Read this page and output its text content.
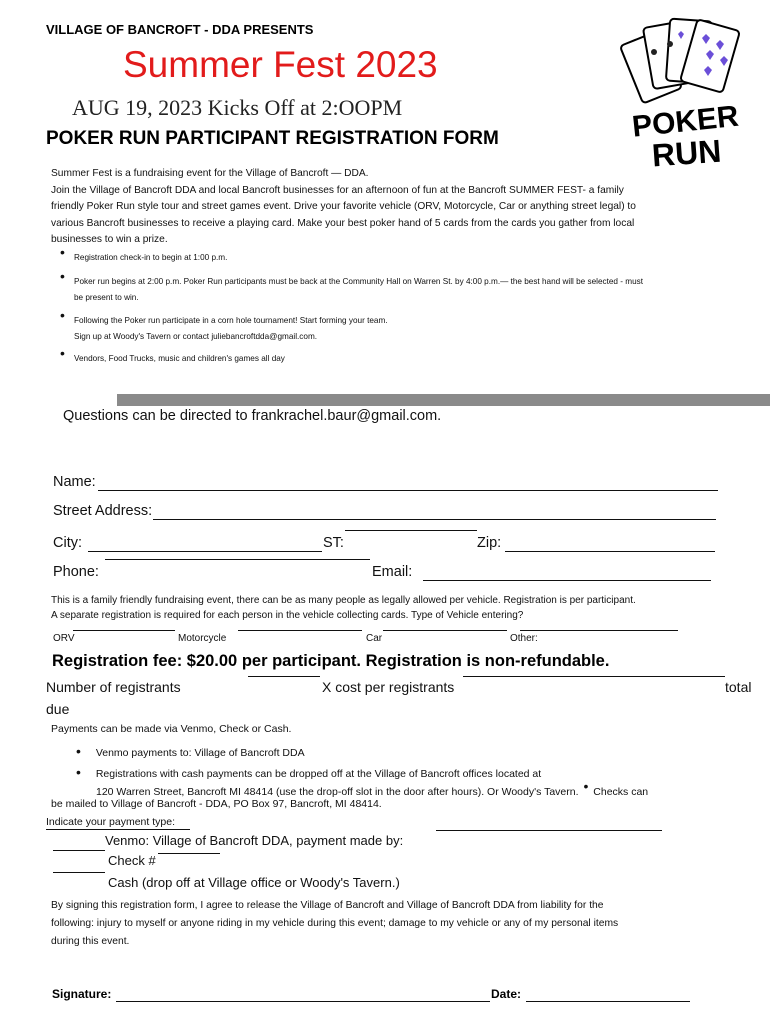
VILLAGE OF BANCROFT - DDA PRESENTS
Summer Fest 2023
AUG 19, 2023 Kicks Off at 2:OOPM
POKER RUN PARTICIPANT REGISTRATION FORM	POKER
RUN
Summer Fest is a fundraising event for the Village of Bancroft — DDA.
Join the Village of Bancroft DDA and local Bancroft businesses for an afternoon of fun at the Bancroft SUMMER FEST- a family
friendly Poker Run style tour and street games event. Drive your favorite vehicle (ORV, Motorcycle, Car or anything street legal) to
various Bancroft businesses to receive a playing card. Make your best poker hand of 5 cards from the cards you gather from local
businesses to win a prize.
•	Registration check-in to begin at 1:00 p.m.
•	Poker run begins at 2:00 p.m. Poker Run participants must be back at the Community Hall on Warren St. by 4:00 p.m.— the best hand will be selected - must
be present to win.
•	Following the Poker run participate in a corn hole tournament! Start forming your team.
Sign up at Woody's Tavern or contact juliebancroftdda@gmail.com.
•	Vendors, Food Trucks, music and children's games all day
Questions can be directed to frankrachel.baur@gmail.com.
Name:
Street Address:
City:	ST:	Zip:
Phone:	Email:
This is a family friendly fundraising event, there can be as many people as legally allowed per vehicle. Registration is per participant.
A separate registration is required for each person in the vehicle collecting cards. Type of Vehicle entering?
ORV	Motorcycle	Car	Other:
Registration fee: $20.00 per participant. Registration is non-refundable.
Number of registrants	X cost per registrants	total
due
Payments can be made via Venmo, Check or Cash.
• Venmo payments to: Village of Bancroft DDA
• Registrations with cash payments can be dropped off at the Village of Bancroft offices located at
120 Warren Street, Bancroft MI 48414 (use the drop-off slot in the door after hours). Or Woody's Tavern. • Checks can
be mailed to Village of Bancroft - DDA, PO Box 97, Bancroft, MI 48414.
Indicate your payment type:
Venmo: Village of Bancroft DDA, payment made by:
Check #
Cash (drop off at Village office or Woody's Tavern.)
By signing this registration form, I agree to release the Village of Bancroft and Village of Bancroft DDA from liability for the
following: injury to myself or anyone riding in my vehicle during this event; damage to my vehicle or any of my personal items
during this event.
Signature:	Date:
